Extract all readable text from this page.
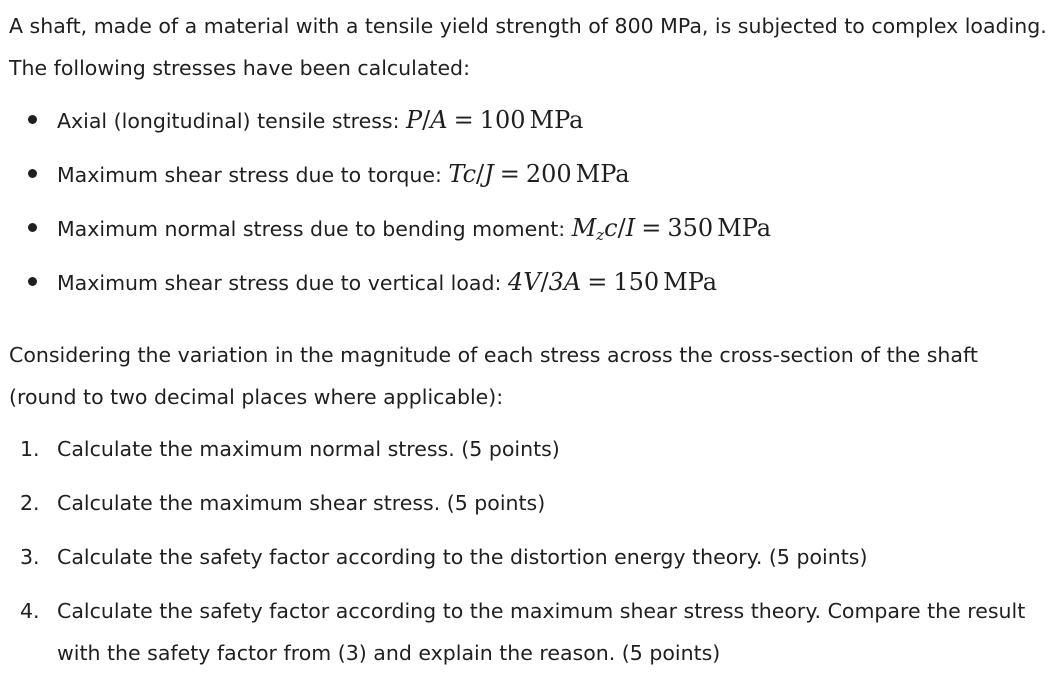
A shaft, made of a material with a tensile yield strength of 800 MPa, is subjected to complex loading. The following stresses have been calculated:

Axial (longitudinal) tensile stress: P/A = 100 MPa
Maximum shear stress due to torque: Tc/J = 200 MPa
Maximum normal stress due to bending moment: $M_zc/I = 350$ MPa
Maximum shear stress due to vertical load: 4V/3A = 150 MPa

Considering the variation in the magnitude of each stress across the cross-section of the shaft (round to two decimal places where applicable):

1. Calculate the maximum normal stress. (5 points)
2. Calculate the maximum shear stress. (5 points)
3. Calculate the safety factor according to the distortion energy theory. (5 points)
4. Calculate the safety factor according to the maximum shear stress theory. Compare the result with the safety factor from (3) and explain the reason. (5 points)
